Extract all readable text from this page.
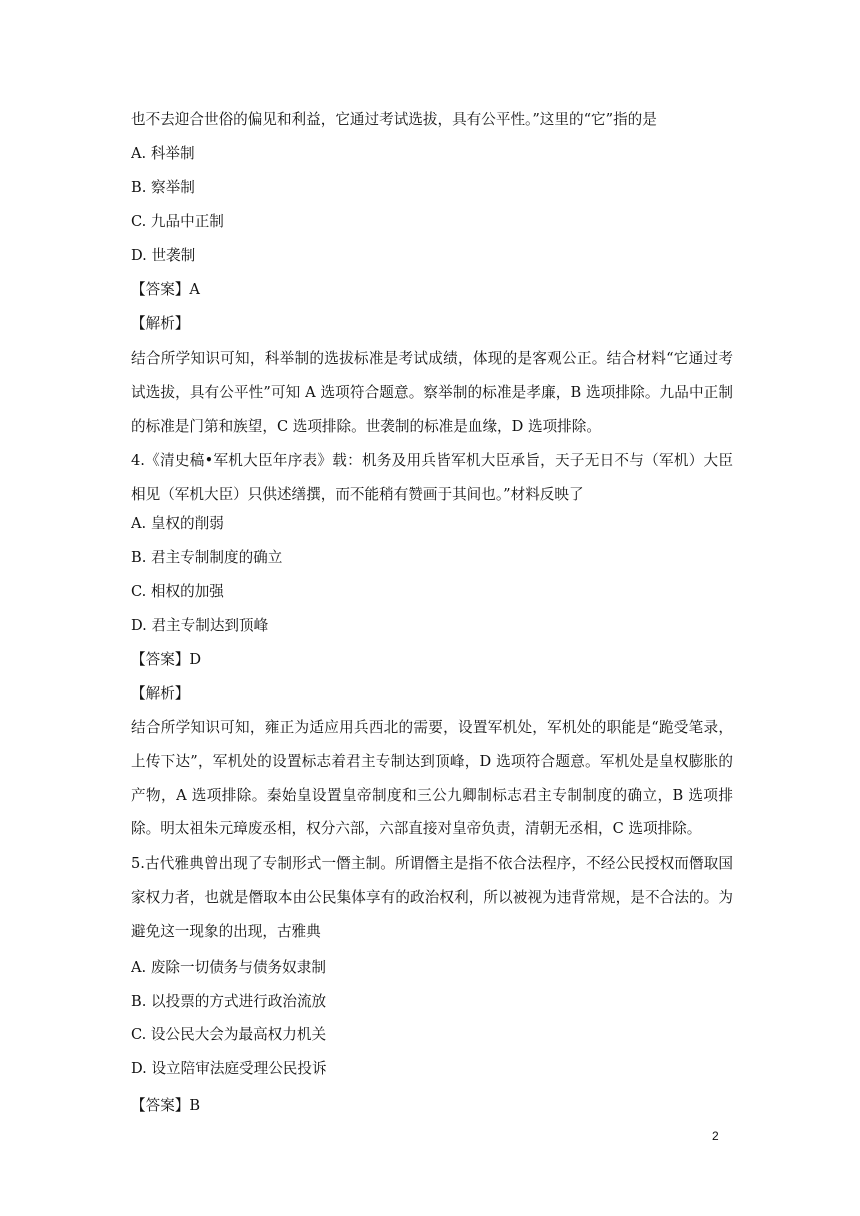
也不去迎合世俗的偏见和利益，它通过考试选拔，具有公平性。”这里的“它”指的是
A. 科举制
B. 察举制
C. 九品中正制
D. 世袭制
【答案】A
【解析】
结合所学知识可知，科举制的选拔标准是考试成绩，体现的是客观公正。结合材料“它通过考试选拔，具有公平性”可知 A 选项符合题意。察举制的标准是孝廉，B 选项排除。九品中正制的标准是门第和族望，C 选项排除。世袭制的标准是血缘，D 选项排除。
4.《清史稿•军机大臣年序表》载：机务及用兵皆军机大臣承旨，天子无日不与（军机）大臣相见（军机大臣）只供述缮撰，而不能稍有赞画于其间也。”材料反映了
A. 皇权的削弱
B. 君主专制制度的确立
C. 相权的加强
D. 君主专制达到顶峰
【答案】D
【解析】
结合所学知识可知，雍正为适应用兵西北的需要，设置军机处，军机处的职能是“跪受笔录，上传下达”，军机处的设置标志着君主专制达到顶峰，D 选项符合题意。军机处是皇权膨胀的产物，A 选项排除。秦始皇设置皇帝制度和三公九卿制标志君主专制制度的确立，B 选项排除。明太祖朱元璋废丞相，权分六部，六部直接对皇帝负责，清朝无丞相，C 选项排除。
5.古代雅典曾出现了专制形式一僭主制。所谓僭主是指不依合法程序，不经公民授权而僭取国家权力者，也就是僭取本由公民集体享有的政治权利，所以被视为违背常规，是不合法的。为避免这一现象的出现，古雅典
A. 废除一切债务与债务奴隶制
B. 以投票的方式进行政治流放
C. 设公民大会为最高权力机关
D. 设立陪审法庭受理公民投诉
【答案】B
2
